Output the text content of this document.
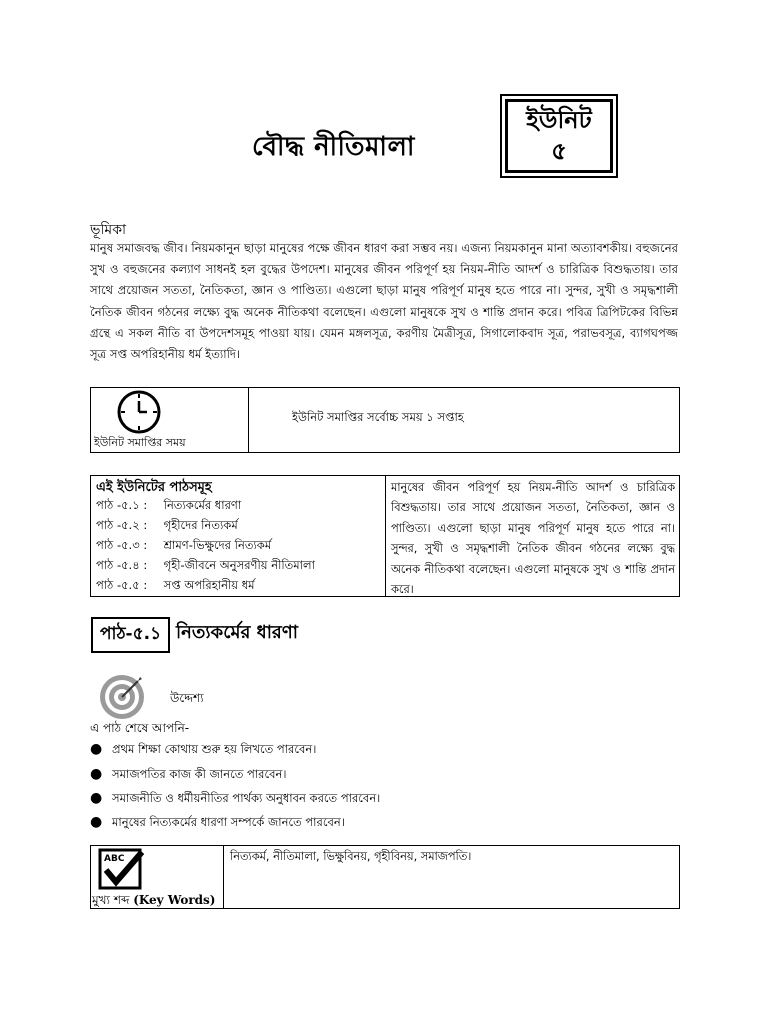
বৌদ্ধ নীতিমালা
ইউনিট
৫
ভূমিকা

মানুষ সমাজবদ্ধ জীব। নিয়মকানুন ছাড়া মানুষের পক্ষে জীবন ধারণ করা সম্ভব নয়। এজন্য নিয়মকানুন মানা অত্যাবশকীয়। বহুজনের সুখ ও বহুজনের কল্যাণ সাধনই হল বুদ্ধের উপদেশ। মানুষের জীবন পরিপূর্ণ হয় নিয়ম-নীতি আদর্শ ও চারিত্রিক বিশুদ্ধতায়। তার সাথে প্রয়োজন সততা, নৈতিকতা, জ্ঞান ও পাণ্ডিত্য। এগুলো ছাড়া মানুষ পরিপূর্ণ মানুষ হতে পারে না। সুন্দর, সুখী ও সমৃদ্ধশালী নৈতিক জীবন গঠনের লক্ষ্যে বুদ্ধ অনেক নীতিকথা বলেছেন। এগুলো মানুষকে সুখ ও শান্তি প্রদান করে। পবিত্র ত্রিপিটকের বিভিন্ন গ্রন্থে এ সকল নীতি বা উপদেশসমূহ পাওয়া যায়। যেমন মঙ্গলসূত্র, করণীয় মৈত্রীসূত্র, সিগালোকবাদ সূত্র, পরাভবসূত্র, ব্যাগঘপজ্জ সূত্র সপ্ত অপরিহানীয় ধর্ম ইত্যাদি।

ইউনিট সমাপ্তির সময়
ইউনিট সমাপ্তির সর্বোচ্চ সময় ১ সপ্তাহ
এই ইউনিটের পাঠসমূহ
পাঠ -৫.১ : নিত্যকর্মের ধারণা
পাঠ -৫.২ : গৃহীদের নিত্যকর্ম
পাঠ -৫.৩ : শ্রামণ-ভিক্ষুদের নিত্যকর্ম
পাঠ -৫.৪ : গৃহী-জীবনে অনুসরণীয় নীতিমালা
পাঠ -৫.৫ : সপ্ত অপরিহানীয় ধর্ম

মানুষের জীবন পরিপূর্ণ হয় নিয়ম-নীতি আদর্শ ও চারিত্রিক বিশুদ্ধতায়। তার সাথে প্রয়োজন সততা, নৈতিকতা, জ্ঞান ও পাণ্ডিত্য। এগুলো ছাড়া মানুষ পরিপূর্ণ মানুষ হতে পারে না। সুন্দর, সুখী ও সমৃদ্ধশালী নৈতিক জীবন গঠনের লক্ষ্যে বুদ্ধ অনেক নীতিকথা বলেছেন। এগুলো মানুষকে সুখ ও শান্তি প্রদান করে।

পাঠ-৫.১ নিত্যকর্মের ধারণা
উদ্দেশ্য
এ পাঠ শেষে আপনি-
● প্রথম শিক্ষা কোথায় শুরু হয় লিখতে পারবেন।
● সমাজপতির কাজ কী জানতে পারবেন।
● সমাজনীতি ও ধর্মীয়নীতির পার্থক্য অনুধাবন করতে পারবেন।
● মানুষের নিত্যকর্মের ধারণা সম্পর্কে জানতে পারবেন।
ABC
মুখ্য শব্দ (Key Words)
নিত্যকর্ম, নীতিমালা, ভিক্ষুবিনয়, গৃহীবিনয়, সমাজপতি।
